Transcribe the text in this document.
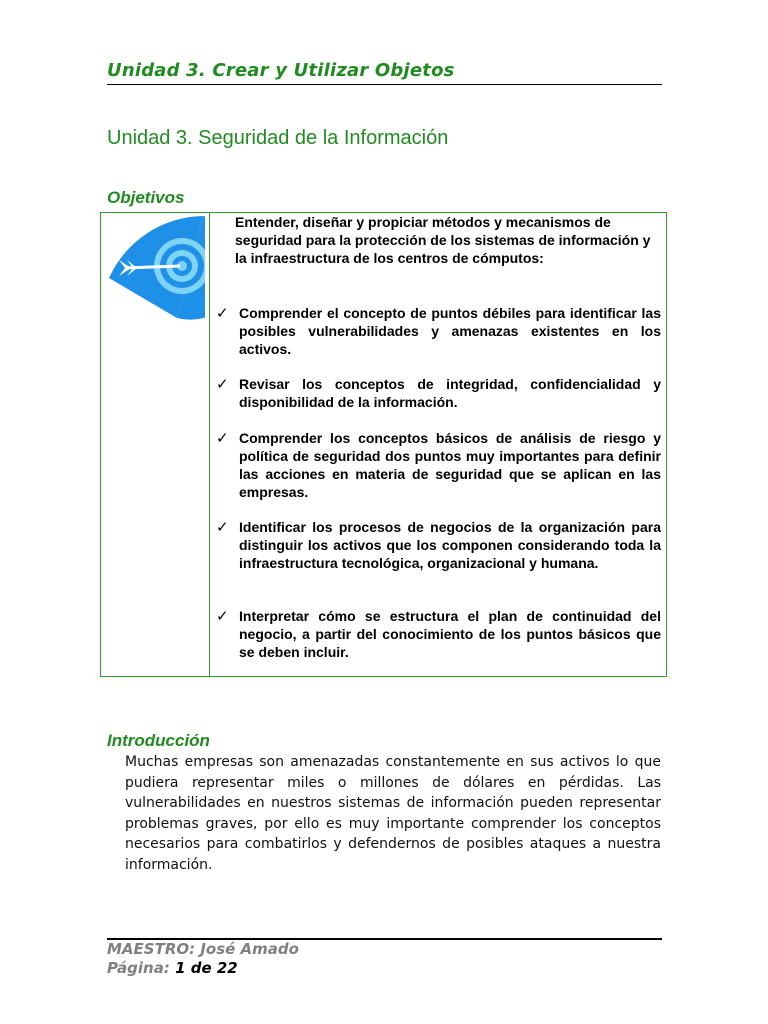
Unidad 3. Crear y Utilizar Objetos
Unidad 3. Seguridad de la Información
Objetivos
Entender, diseñar y propiciar métodos y mecanismos de seguridad para la protección de los sistemas de información y la infraestructura de los centros de cómputos:
✓ Comprender el concepto de puntos débiles para identificar las posibles vulnerabilidades y amenazas existentes en los activos.
✓ Revisar los conceptos de integridad, confidencialidad y disponibilidad de la información.
✓ Comprender los conceptos básicos de análisis de riesgo y política de seguridad dos puntos muy importantes para definir las acciones en materia de seguridad que se aplican en las empresas.
✓ Identificar los procesos de negocios de la organización para distinguir los activos que los componen considerando toda la infraestructura tecnológica, organizacional y humana.
✓ Interpretar cómo se estructura el plan de continuidad del negocio, a partir del conocimiento de los puntos básicos que se deben incluir.
Introducción
Muchas empresas son amenazadas constantemente en sus activos lo que pudiera representar miles o millones de dólares en pérdidas. Las vulnerabilidades en nuestros sistemas de información pueden representar problemas graves, por ello es muy importante comprender los conceptos necesarios para combatirlos y defendernos de posibles ataques a nuestra información.
MAESTRO: José Amado
Página: 1 de 22
